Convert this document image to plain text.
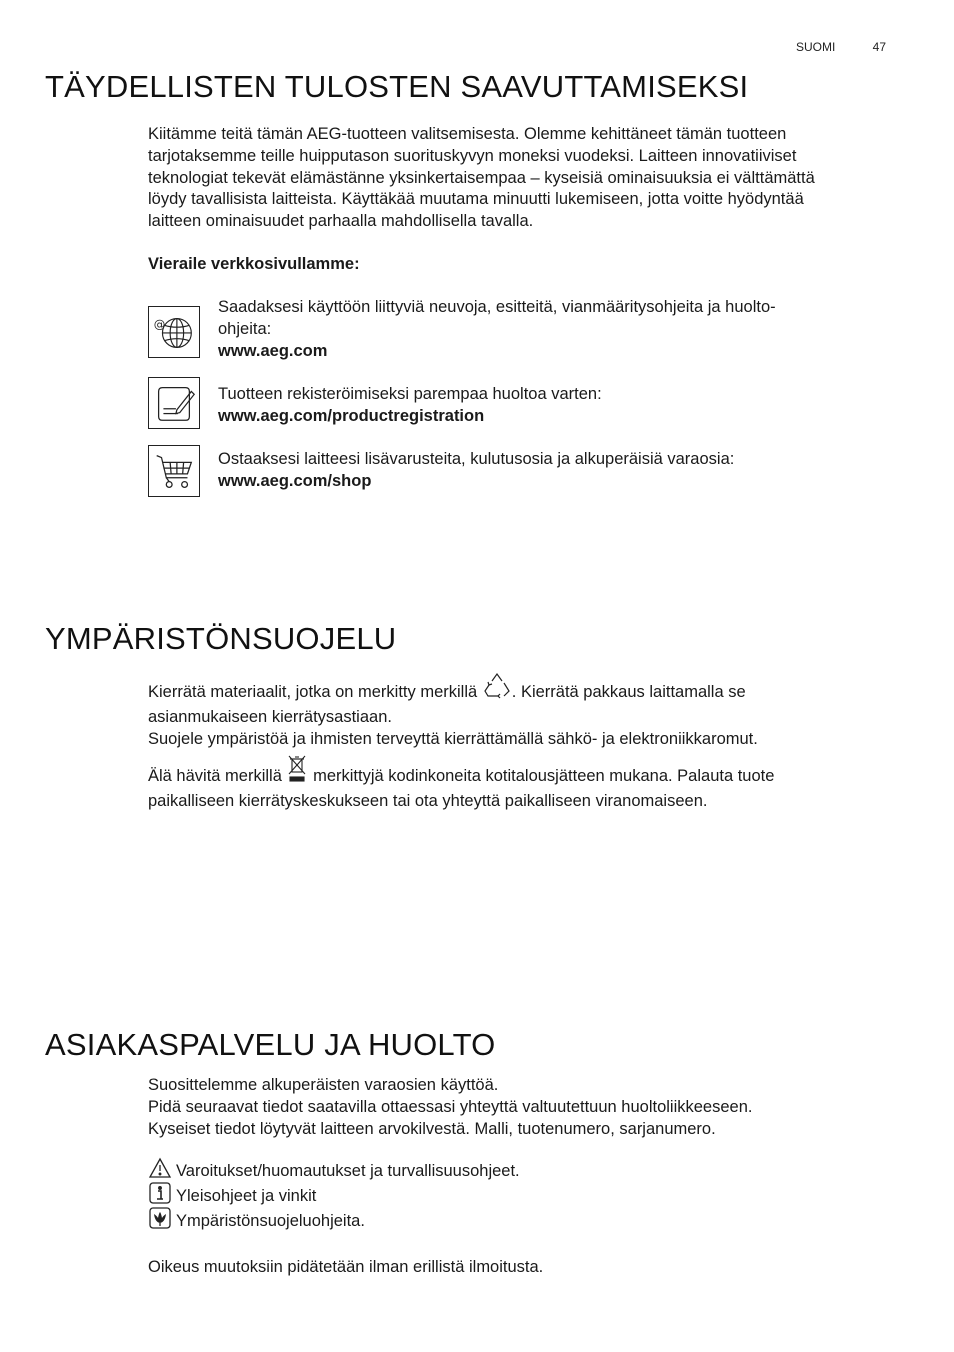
SUOMI	47
TÄYDELLISTEN TULOSTEN SAAVUTTAMISEKSI

Kiitämme teitä tämän AEG-tuotteen valitsemisesta. Olemme kehittäneet tämän tuotteen

tarjotaksemme teille huipputason suorituskyvyn moneksi vuodeksi. Laitteen innovatiiviset

teknologiat tekevät elämästänne yksinkertaisempaa – kyseisiä ominaisuuksia ei välttämättä

löydy tavallisista laitteista. Käyttäkää muutama minuutti lukemiseen, jotta voitte hyödyntää

laitteen ominaisuudet parhaalla mahdollisella tavalla.

Vieraile verkkosivullamme:
@
Saadaksesi käyttöön liittyviä neuvoja, esitteitä, vianmääritysohjeita ja huolto-
ohjeita:
www.aeg.com
Tuotteen rekisteröimiseksi parempaa huoltoa varten:
www.aeg.com/productregistration
Ostaaksesi laitteesi lisävarusteita, kulutusosia ja alkuperäisiä varaosia:
www.aeg.com/shop
YMPÄRISTÖNSUOJELU

Kierrätä materiaalit, jotka on merkitty merkillä . Kierrätä pakkaus laittamalla se

asianmukaiseen kierrätysastiaan.

Suojele ympäristöä ja ihmisten terveyttä kierrättämällä sähkö- ja elektroniikkaromut.

Älä hävitä merkillä  merkittyjä kodinkoneita kotitalousjätteen mukana. Palauta tuote

paikalliseen kierrätyskeskukseen tai ota yhteyttä paikalliseen viranomaiseen.

ASIAKASPALVELU JA HUOLTO

Suosittelemme alkuperäisten varaosien käyttöä.

Pidä seuraavat tiedot saatavilla ottaessasi yhteyttä valtuutettuun huoltoliikkeeseen.

Kyseiset tiedot löytyvät laitteen arvokilvestä. Malli, tuotenumero, sarjanumero.

Varoitukset/huomautukset ja turvallisuusohjeet.
Yleisohjeet ja vinkit
Ympäristönsuojeluohjeita.
Oikeus muutoksiin pidätetään ilman erillistä ilmoitusta.
